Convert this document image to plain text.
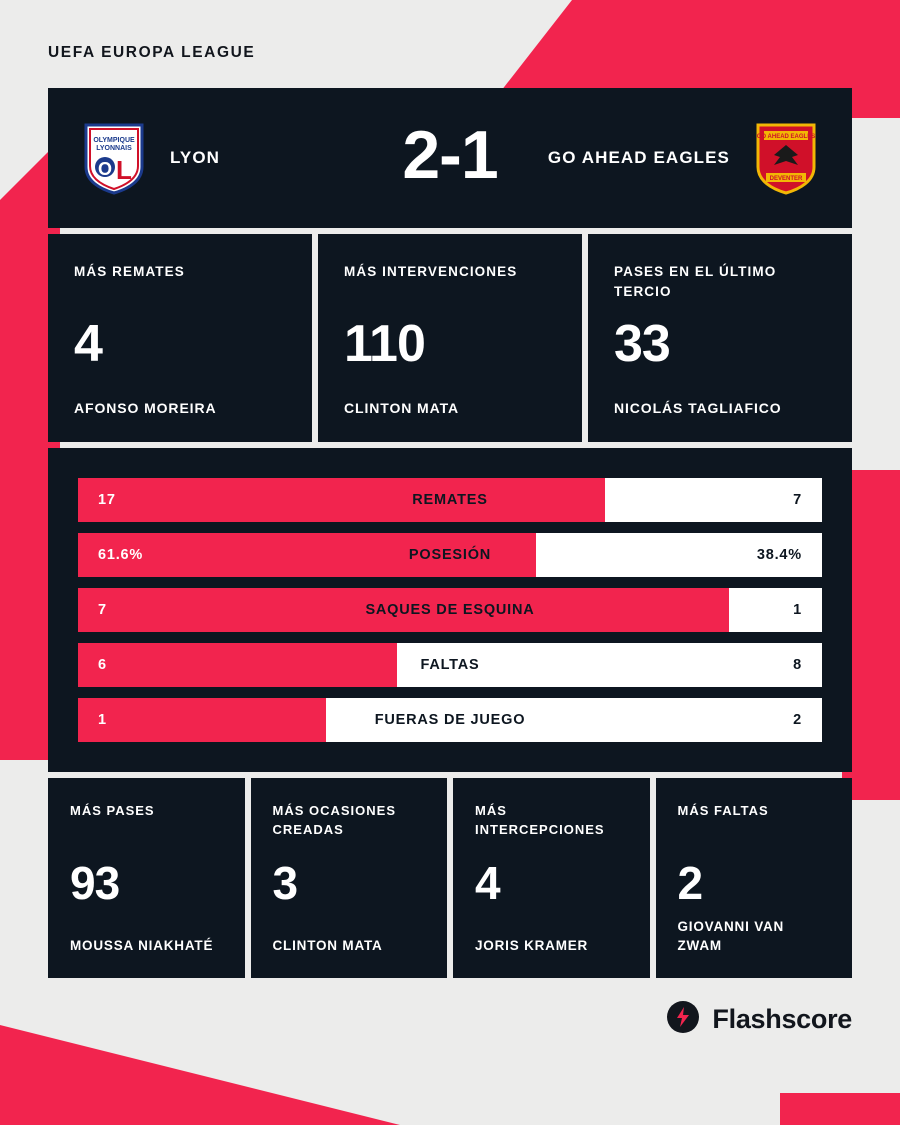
UEFA EUROPA LEAGUE
OLYMPIQUE
LYONNAIS
L
O
LYON	2-1	GO AHEAD EAGLES
GO AHEAD EAGLES
DEVENTER
MÁS REMATES
4
AFONSO MOREIRA
MÁS INTERVENCIONES
110
CLINTON MATA
PASES EN EL ÚLTIMO TERCIO
33
NICOLÁS TAGLIAFICO
17	REMATES	7
61.6%	POSESIÓN	38.4%
7	SAQUES DE ESQUINA	1
6	FALTAS	8
1	FUERAS DE JUEGO	2
MÁS PASES
93
MOUSSA NIAKHATÉ
MÁS OCASIONES CREADAS
3
CLINTON MATA
MÁS INTERCEPCIONES
4
JORIS KRAMER
MÁS FALTAS
2
GIOVANNI VAN ZWAM
Flashscore
